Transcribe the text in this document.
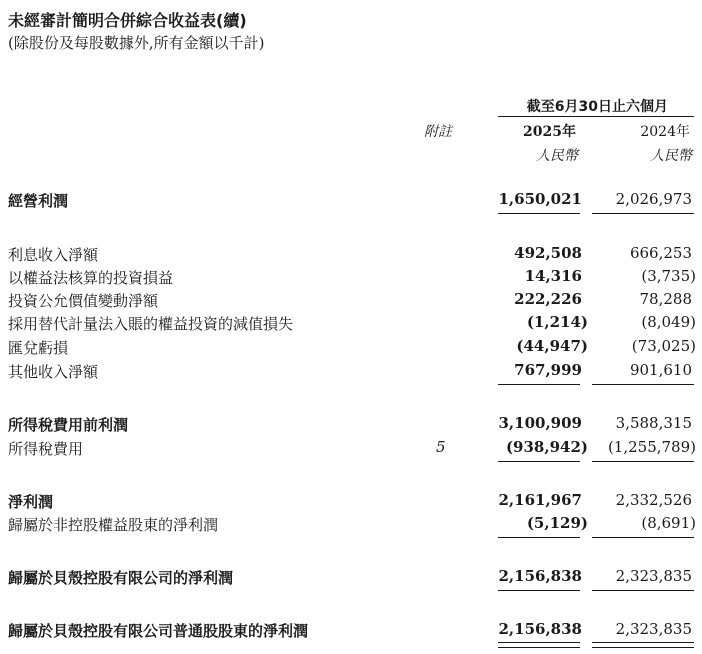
未經審計簡明合併綜合收益表(續)
(除股份及每股數據外,所有金額以千計)
截至6月30日止六個月
附註	2025年	2024年
人民幣	人民幣
經營利潤	1,650,021 2,026,973
利息收入淨額	492,508	666,253
以權益法核算的投資損益	14,316	(3,735)
投資公允價值變動淨額	222,226	78,288
採用替代計量法入賬的權益投資的減值損失	(1,214)	(8,049)
匯兌虧損	(44,947)	(73,025)
其他收入淨額	767,999	901,610
所得稅費用前利潤	3,100,909 3,588,315
所得稅費用	5	(938,942) (1,255,789)
淨利潤	2,161,967 2,332,526
歸屬於非控股權益股東的淨利潤	(5,129)	(8,691)
歸屬於貝殼控股有限公司的淨利潤	2,156,838 2,323,835
歸屬於貝殼控股有限公司普通股股東的淨利潤	2,156,838 2,323,835
